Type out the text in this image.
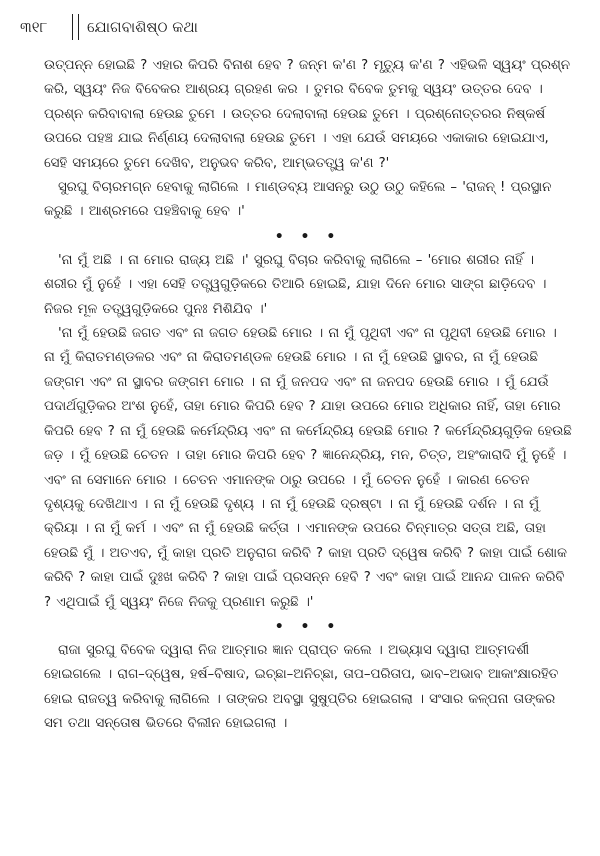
୩୧୮	ଯୋଗବାଶିଷ୍ଠ କଥା

ଉତ୍ପନ୍ନ ହୋଇଛି ? ଏହାର କିପରି ବିନାଶ ହେବ ? ଜନ୍ମ କ'ଣ ? ମୃତ୍ୟୁ କ'ଣ ? ଏହିଭଳି ସ୍ୱୟଂ ପ୍ରଶ୍ନ କରି, ସ୍ୱୟଂ ନିଜ ବିବେକର ଆଶ୍ରୟ ଗ୍ରହଣ କର । ତୁମର ବିବେକ ତୁମକୁ ସ୍ୱୟଂ ଉତ୍ତର ଦେବ । ପ୍ରଶ୍ନ କରିବାବାଲା ହେଉଛ ତୁମେ । ଉତ୍ତର ଦେଲାବାଲା ହେଉଛ ତୁମେ । ପ୍ରଶ୍ନୋତ୍ତରର ନିଷ୍କର୍ଷ ଉପରେ ପହଞ୍ଚ ଯାଇ ନିର୍ଣ୍ଣୟ ଦେଲାବାଲା ହେଉଛ ତୁମେ । ଏହା ଯେଉଁ ସମୟରେ ଏକାକାର ହୋଇଯାଏ, ସେହି ସମୟରେ ତୁମେ ଦେଖିବ, ଅନୁଭବ କରିବ, ଆମ୍ଭତତ୍ତ୍ୱ କ'ଣ ?'

ସୁରଘୁ ବିଚାରମଗ୍ନ ହେବାକୁ ଲାଗିଲେ । ମାଣ୍ଡବ୍ୟ ଆସନରୁ ଉଠୁ ଉଠୁ କହିଲେ – 'ରାଜନ୍ ! ପ୍ରସ୍ଥାନ କରୁଛି । ଆଶ୍ରମରେ ପହଞ୍ଚିବାକୁ ହେବ ।'

• • •

'ନା ମୁଁ ଅଛି । ନା ମୋର ରାଜ୍ୟ ଅଛି ।' ସୁରଘୁ ବିଚାର କରିବାକୁ ଲାଗିଲେ – 'ମୋର ଶରୀର ନାହିଁ । ଶରୀର ମୁଁ ନୁହେଁ । ଏହା ସେହି ତତ୍ତ୍ୱଗୁଡ଼ିକରେ ତିଆରି ହୋଇଛି, ଯାହା ଦିନେ ମୋର ସାଙ୍ଗ ଛାଡ଼ିଦେବ । ନିଜର ମୂଳ ତତ୍ତ୍ୱଗୁଡ଼ିକରେ ପୁନଃ ମିଶିଯିବ ।'

'ନା ମୁଁ ହେଉଛି ଜଗତ ଏବଂ ନା ଜଗତ ହେଉଛି ମୋର । ନା ମୁଁ ପୃଥିବୀ ଏବଂ ନା ପୃଥିବୀ ହେଉଛି ମୋର । ନା ମୁଁ କିରାତମଣ୍ଡଳର ଏବଂ ନା କିରାତମଣ୍ଡଳ ହେଉଛି ମୋର । ନା ମୁଁ ହେଉଛି ସ୍ଥାବର, ନା ମୁଁ ହେଉଛି ଜଙ୍ଗମ ଏବଂ ନା ସ୍ଥାବର ଜଙ୍ଗମ ମୋର । ନା ମୁଁ ଜନପଦ ଏବଂ ନା ଜନପଦ ହେଉଛି ମୋର । ମୁଁ ଯେଉଁ ପଦାର୍ଥଗୁଡ଼ିକର ଅଂଶ ନୁହେଁ, ତାହା ମୋର କିପରି ହେବ ? ଯାହା ଉପରେ ମୋର ଅଧିକାର ନାହିଁ, ତାହା ମୋର କିପରି ହେବ ? ନା ମୁଁ ହେଉଛି କର୍ମେନ୍ଦ୍ରିୟ ଏବଂ ନା କର୍ମେନ୍ଦ୍ରିୟ ହେଉଛି ମୋର ? କର୍ମେନ୍ଦ୍ରିୟଗୁଡ଼ିକ ହେଉଛି ଜଡ଼ । ମୁଁ ହେଉଛି ଚେତନ । ତାହା ମୋର କିପରି ହେବ ? ଜ୍ଞାନେନ୍ଦ୍ରିୟ, ମନ, ଚିତ୍ତ, ଅହଂକାରାଦି ମୁଁ ନୁହେଁ । ଏବଂ ନା ସେମାନେ ମୋର । ଚେତନ ଏମାନଙ୍କ ଠାରୁ ଉପରେ । ମୁଁ ଚେତନ ନୁହେଁ । କାରଣ ଚେତନ ଦୃଶ୍ୟକୁ ଦେଖିଥାଏ । ନା ମୁଁ ହେଉଛି ଦୃଶ୍ୟ । ନା ମୁଁ ହେଉଛି ଦ୍ରଷ୍ଟା । ନା ମୁଁ ହେଉଛି ଦର୍ଶନ । ନା ମୁଁ କ୍ରିୟା । ନା ମୁଁ କର୍ମ । ଏବଂ ନା ମୁଁ ହେଉଛି କର୍ତ୍ତା । ଏମାନଙ୍କ ଉପରେ ଚିନ୍ମାତ୍ର ସତ୍ତା ଅଛି, ତାହା ହେଉଛି ମୁଁ । ଅତଏବ, ମୁଁ କାହା ପ୍ରତି ଅନୁରାଗ କରିବି ? କାହା ପ୍ରତି ଦ୍ୱେଷ କରିବି ? କାହା ପାଇଁ ଶୋକ କରିବି ? କାହା ପାଇଁ ଦୁଃଖ କରିବି ? କାହା ପାଇଁ ପ୍ରସନ୍ନ ହେବି ? ଏବଂ କାହା ପାଇଁ ଆନନ୍ଦ ପାଳନ କରିବି ? ଏଥିପାଇଁ ମୁଁ ସ୍ୱୟଂ ନିଜେ ନିଜକୁ ପ୍ରଣାମ କରୁଛି ।'

• • •

ରାଜା ସୁରଘୁ ବିବେକ ଦ୍ୱାରା ନିଜ ଆତ୍ମାର ଜ୍ଞାନ ପ୍ରାପ୍ତ କଲେ । ଅଭ୍ୟାସ ଦ୍ୱାରା ଆତ୍ମଦର୍ଶୀ ହୋଇଗଲେ । ରାଗ–ଦ୍ୱେଷ, ହର୍ଷ–ବିଷାଦ, ଇଚ୍ଛା–ଅନିଚ୍ଛା, ତାପ–ପରିତାପ, ଭାବ–ଅଭାବ ଆକାଂକ୍ଷାରହିତ ହୋଇ ରାଜତ୍ୱ କରିବାକୁ ଲାଗିଲେ । ତାଙ୍କର ଅବସ୍ଥା ସୁଷୁପ୍ତିର ହୋଇଗଲା । ସଂସାର କଳ୍ପନା ତାଙ୍କର ସମ ତଥା ସନ୍ତୋଷ ଭିତରେ ବିଲୀନ ହୋଇଗଲା ।
